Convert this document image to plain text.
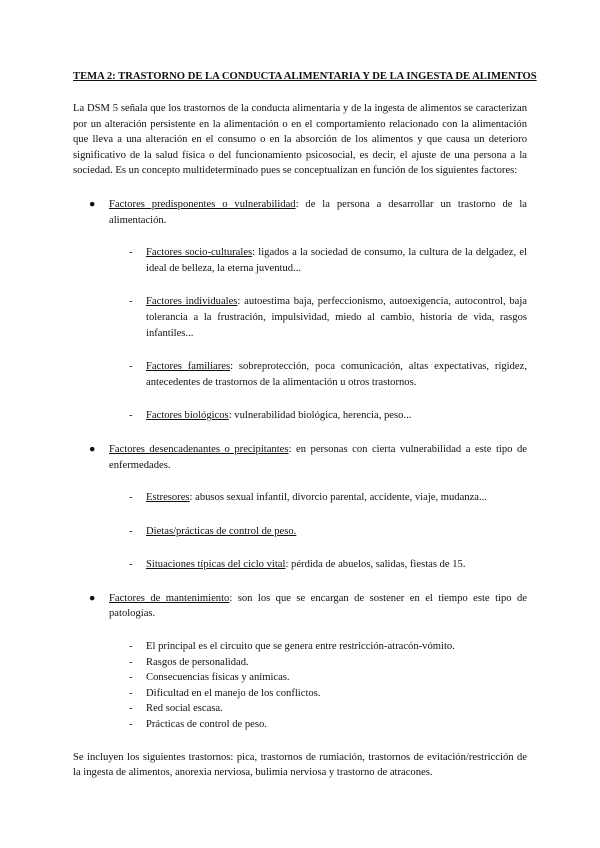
TEMA 2: TRASTORNO DE LA CONDUCTA ALIMENTARIA Y DE LA INGESTA DE ALIMENTOS

La DSM 5 señala que los trastornos de la conducta alimentaria y de la ingesta de alimentos se caracterizan por un alteración persistente en la alimentación o en el comportamiento relacionado con la alimentación que lleva a una alteración en el consumo o en la absorción de los alimentos y que causa un deterioro significativo de la salud física o del funcionamiento psicosocial, es decir, el ajuste de una persona a la sociedad. Es un concepto multideterminado pues se conceptualizan en función de los siguientes factores:

● Factores predisponentes o vulnerabilidad: de la persona a desarrollar un trastorno de la alimentación.
- Factores socio-culturales: ligados a la sociedad de consumo, la cultura de la delgadez, el ideal de belleza, la eterna juventud...
- Factores individuales: autoestima baja, perfeccionismo, autoexigencia, autocontrol, baja tolerancia a la frustración, impulsividad, miedo al cambio, historia de vida, rasgos infantiles...
- Factores familiares: sobreprotección, poca comunicación, altas expectativas, rigidez, antecedentes de trastornos de la alimentación u otros trastornos.
- Factores biológicos: vulnerabilidad biológica, herencia, peso...
● Factores desencadenantes o precipitantes: en personas con cierta vulnerabilidad a este tipo de enfermedades.
- Estresores: abusos sexual infantil, divorcio parental, accidente, viaje, mudanza...
- Dietas/prácticas de control de peso.
- Situaciones típicas del ciclo vital: pérdida de abuelos, salidas, fiestas de 15.
● Factores de mantenimiento: son los que se encargan de sostener en el tiempo este tipo de patologías.
- El principal es el circuito que se genera entre restricción-atracón-vómito.
- Rasgos de personalidad.
- Consecuencias físicas y anímicas.
- Dificultad en el manejo de los conflictos.
- Red social escasa.
- Prácticas de control de peso.

Se incluyen los siguientes trastornos: pica, trastornos de rumiación, trastornos de evitación/restricción de la ingesta de alimentos, anorexia nerviosa, bulimia nerviosa y trastorno de atracones.
